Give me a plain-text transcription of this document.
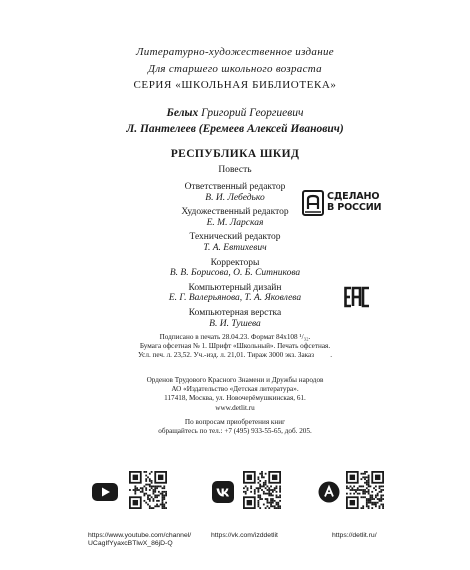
Литературно-художественное издание
Для старшего школьного возраста
СЕРИЯ «ШКОЛЬНАЯ БИБЛИОТЕКА»
Белых Григорий Георгиевич
Л. Пантелеев (Еремеев Алексей Иванович)
РЕСПУБЛИКА ШКИД
Повесть
Ответственный редактор
В. И. Лебедько
Художественный редактор
Е. М. Ларская
Технический редактор
Т. А. Евтихевич
Корректоры
В. В. Борисова, О. Б. Ситникова
Компьютерный дизайн
Е. Г. Валерьянова, Т. А. Яковлева
Компьютерная верстка
В. И. Тушева
СДЕЛАНО
В РОССИИ
Подписано в печать 28.04.23. Формат 84x108 ¹/₃₂.
Бумага офсетная № 1. Шрифт «Школьный». Печать офсетная.
Усл. печ. л. 23,52. Уч.-изд. л. 21,01. Тираж 3000 экз. Заказ         .
Орденов Трудового Красного Знамени и Дружбы народов
АО «Издательство «Детская литература».
117418, Москва, ул. Новочерёмушкинская, 61.
www.detlit.ru
По вопросам приобретения книг
обращайтесь по тел.: +7 (495) 933-55-65, доб. 205.
https://www.youtube.com/channel/
UCagIfYyaxcBTlwX_86jD-Q
https://vk.com/izddetlit	https://detlit.ru/
